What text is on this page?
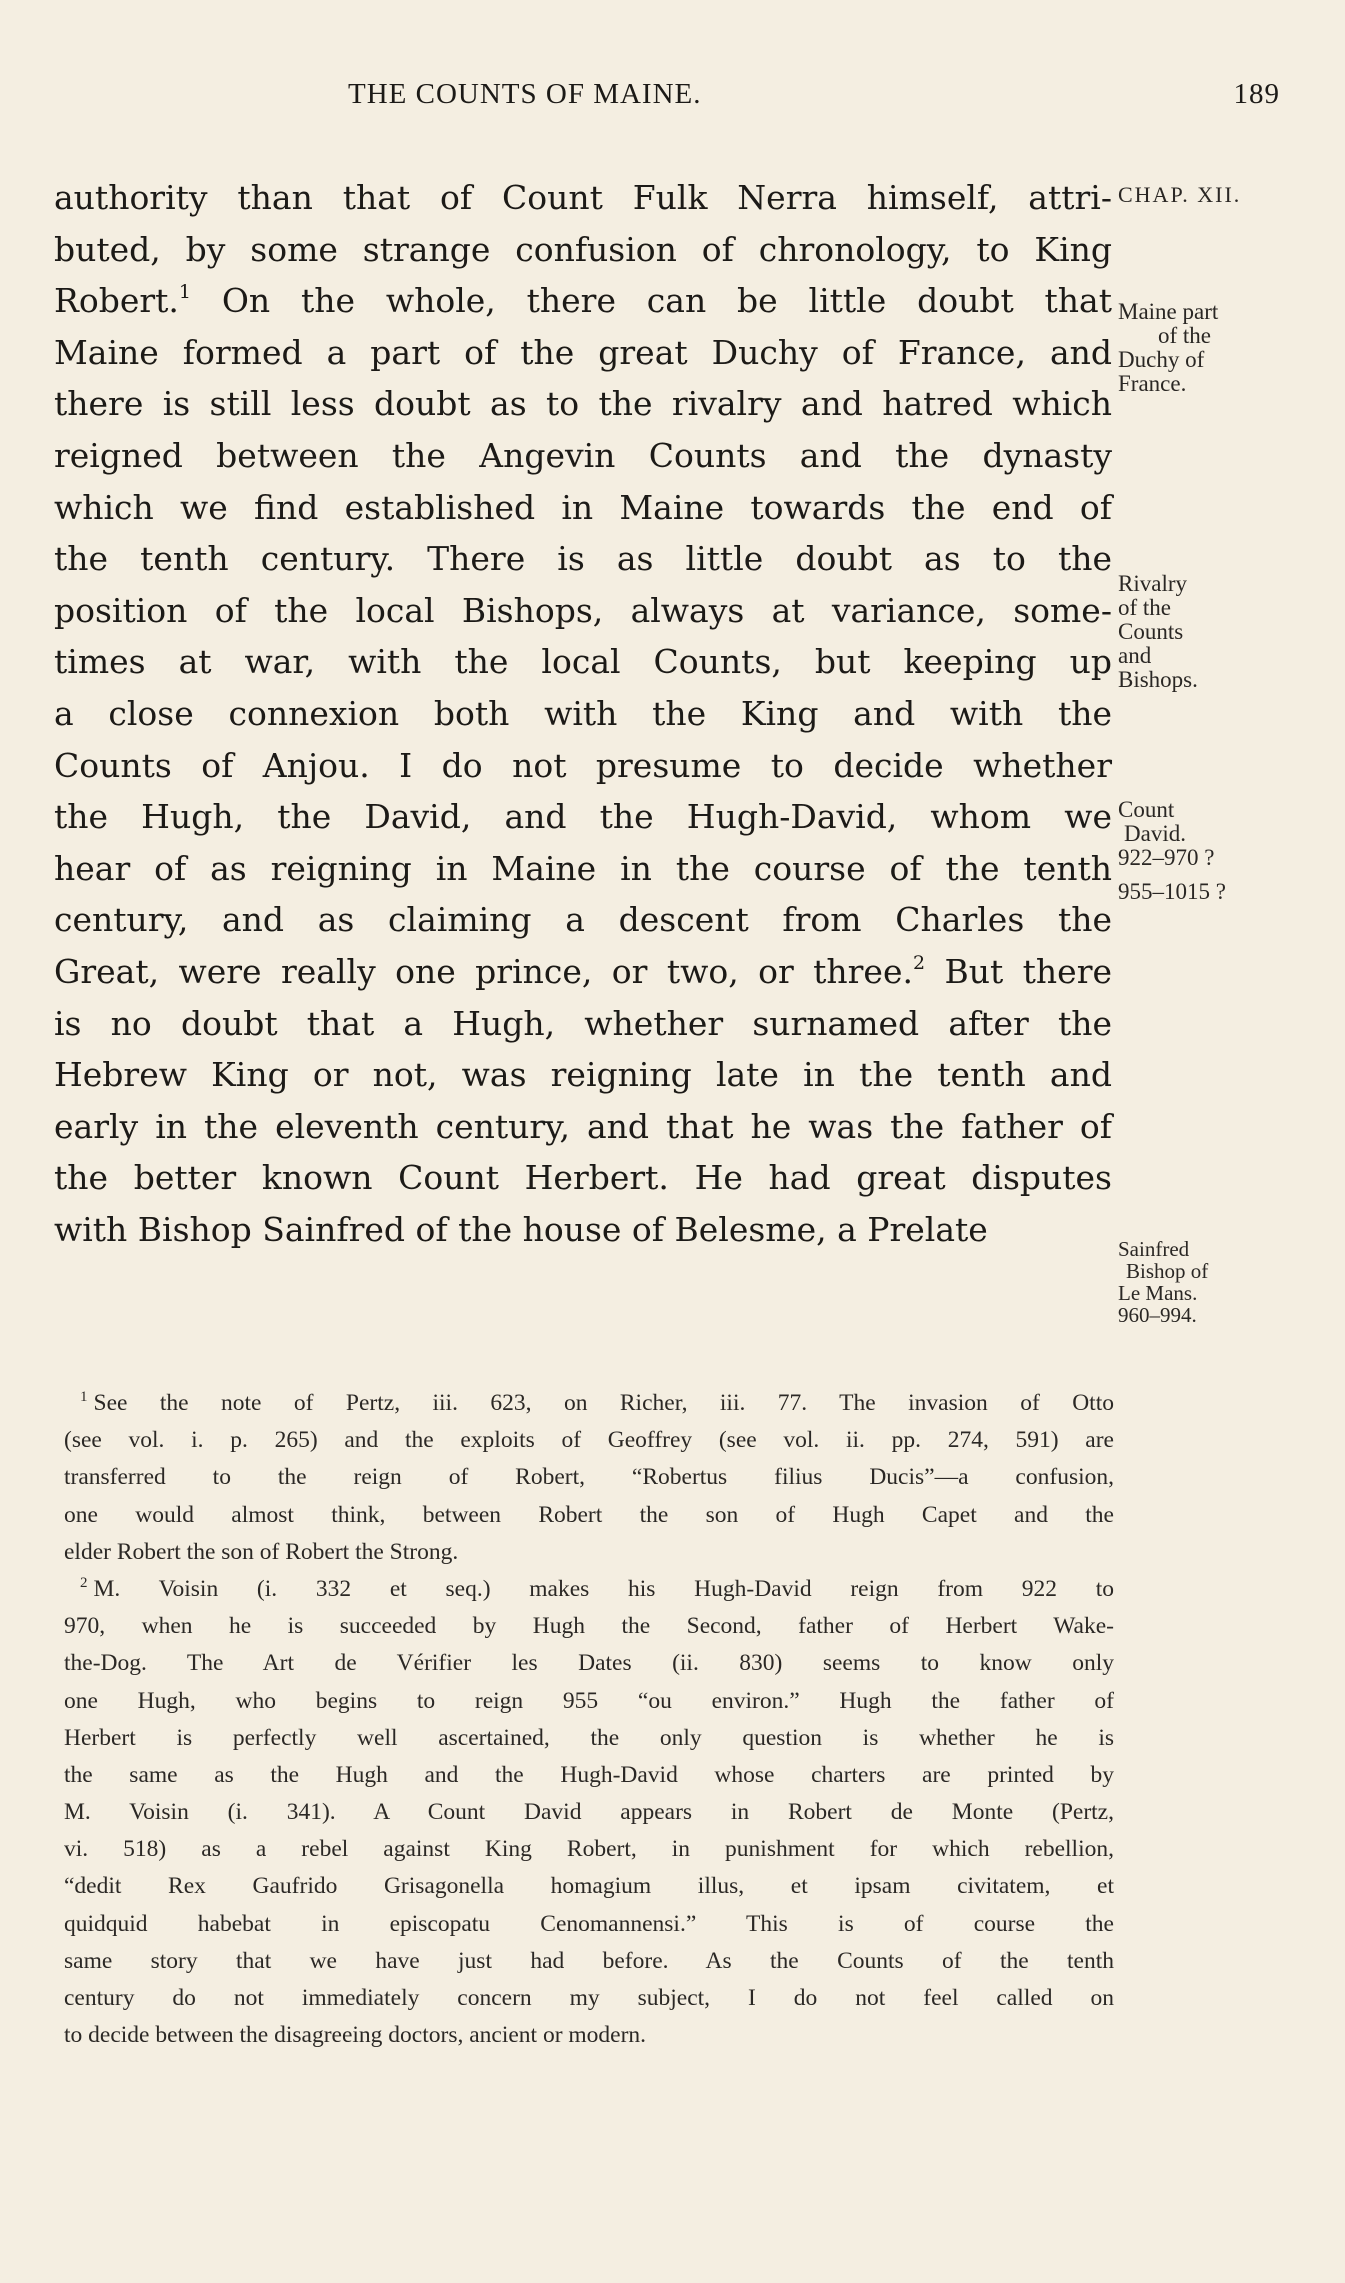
THE COUNTS OF MAINE.	189
authority than that of Count Fulk Nerra himself, attri-
buted, by some strange confusion of chronology, to King
Robert.$^1$ On the whole, there can be little doubt that
Maine formed a part of the great Duchy of France, and
there is still less doubt as to the rivalry and hatred which
reigned between the Angevin Counts and the dynasty
which we find established in Maine towards the end of
the tenth century. There is as little doubt as to the
position of the local Bishops, always at variance, some-
times at war, with the local Counts, but keeping up
a close connexion both with the King and with the
Counts of Anjou. I do not presume to decide whether
the Hugh, the David, and the Hugh-David, whom we
hear of as reigning in Maine in the course of the tenth
century, and as claiming a descent from Charles the
Great, were really one prince, or two, or three.$^2$ But there
is no doubt that a Hugh, whether surnamed after the
Hebrew King or not, was reigning late in the tenth and
early in the eleventh century, and that he was the father of
the better known Count Herbert. He had great disputes
with Bishop Sainfred of the house of Belesme, a Prelate
CHAP. XII.
Maine part
of the
Duchy of
France.
Rivalry
of the
Counts
and
Bishops.
Count
David.
922–970 ?
955–1015 ?
Sainfred
Bishop of
Le Mans.
960–994.
$^1$ See the note of Pertz, iii. 623, on Richer, iii. 77. The invasion of Otto
(see vol. i. p. 265) and the exploits of Geoffrey (see vol. ii. pp. 274, 591) are
transferred to the reign of Robert, “Robertus filius Ducis”—a confusion,
one would almost think, between Robert the son of Hugh Capet and the
elder Robert the son of Robert the Strong.
$^2$ M. Voisin (i. 332 et seq.) makes his Hugh-David reign from 922 to
970, when he is succeeded by Hugh the Second, father of Herbert Wake-
the-Dog. The Art de Vérifier les Dates (ii. 830) seems to know only
one Hugh, who begins to reign 955 “ou environ.” Hugh the father of
Herbert is perfectly well ascertained, the only question is whether he is
the same as the Hugh and the Hugh-David whose charters are printed by
M. Voisin (i. 341). A Count David appears in Robert de Monte (Pertz,
vi. 518) as a rebel against King Robert, in punishment for which rebellion,
“dedit Rex Gaufrido Grisagonella homagium illus, et ipsam civitatem, et
quidquid habebat in episcopatu Cenomannensi.” This is of course the
same story that we have just had before. As the Counts of the tenth
century do not immediately concern my subject, I do not feel called on
to decide between the disagreeing doctors, ancient or modern.
